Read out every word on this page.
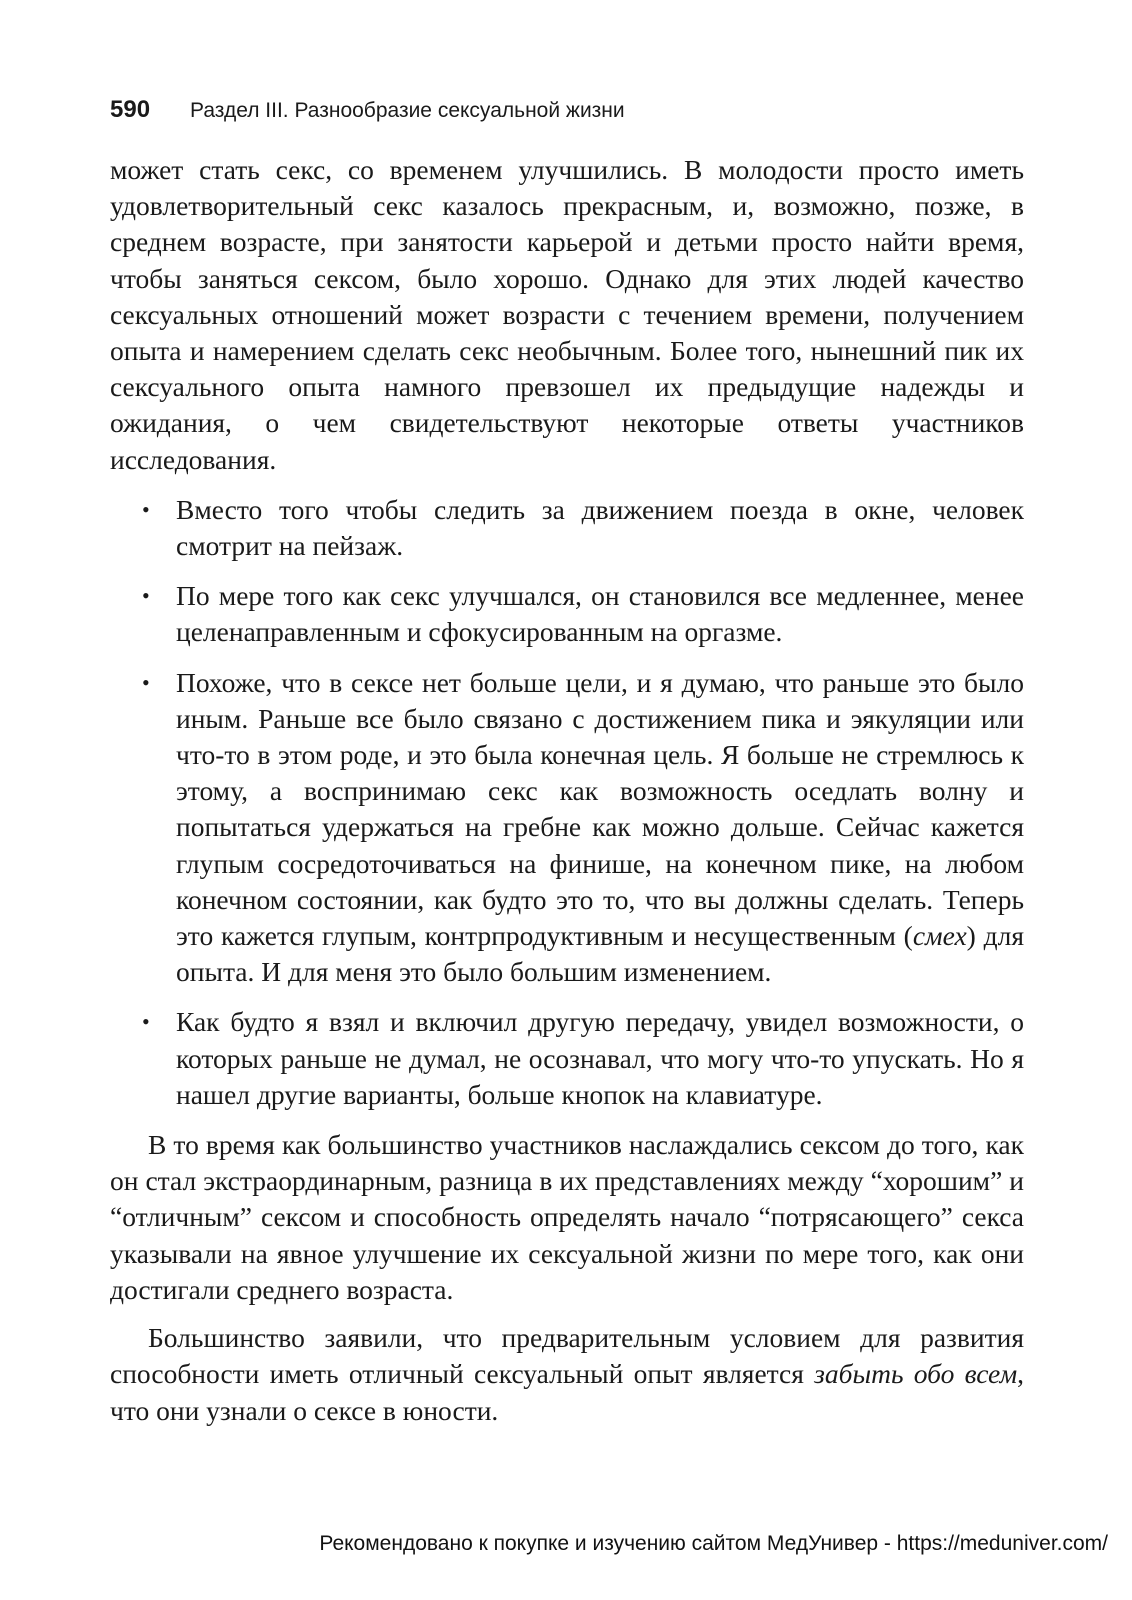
590 Раздел III. Разнообразие сексуальной жизни

может стать секс, со временем улучшились. В молодости просто иметь удовлетворительный секс казалось прекрасным, и, возможно, позже, в среднем возрасте, при занятости карьерой и детьми просто найти время, чтобы заняться сексом, было хорошо. Однако для этих людей качество сексуальных отношений может возрасти с течением времени, получением опыта и намерением сделать секс необычным. Более того, нынешний пик их сексуального опыта намного превзошел их предыдущие надежды и ожидания, о чем свидетельствуют некоторые ответы участников исследования.

• Вместо того чтобы следить за движением поезда в окне, человек смотрит на пейзаж.
• По мере того как секс улучшался, он становился все медленнее, менее целенаправленным и сфокусированным на оргазме.
• Похоже, что в сексе нет больше цели, и я думаю, что раньше это было иным. Раньше все было связано с достижением пика и эякуляции или что-то в этом роде, и это была конечная цель. Я больше не стремлюсь к этому, а воспринимаю секс как возможность оседлать волну и попытаться удержаться на гребне как можно дольше. Сейчас кажется глупым сосредоточиваться на финише, на конечном пике, на любом конечном состоянии, как будто это то, что вы должны сделать. Теперь это кажется глупым, контрпродуктивным и несущественным (смех) для опыта. И для меня это было большим изменением.
• Как будто я взял и включил другую передачу, увидел возможности, о которых раньше не думал, не осознавал, что могу что-то упускать. Но я нашел другие варианты, больше кнопок на клавиатуре.

В то время как большинство участников наслаждались сексом до того, как он стал экстраординарным, разница в их представлениях между “хорошим” и “отличным” сексом и способность определять начало “потрясающего” секса указывали на явное улучшение их сексуальной жизни по мере того, как они достигали среднего возраста.

Большинство заявили, что предварительным условием для развития способности иметь отличный сексуальный опыт является забыть обо всем, что они узнали о сексе в юности.

Рекомендовано к покупке и изучению сайтом МедУнивер - https://meduniver.com/
